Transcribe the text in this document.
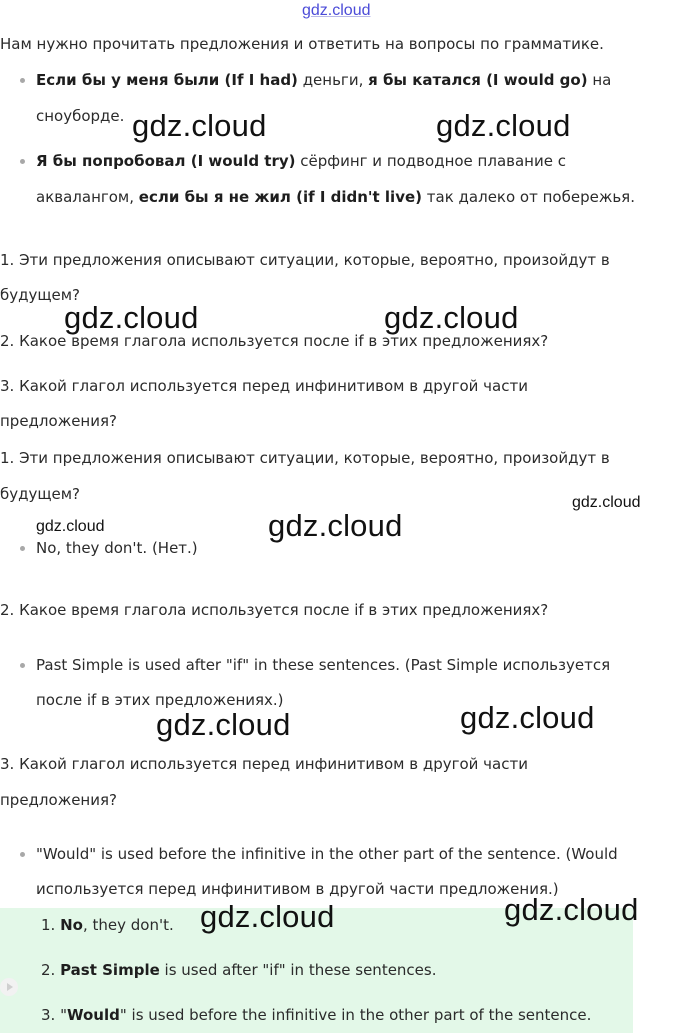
gdz.cloud
Нам нужно прочитать предложения и ответить на вопросы по грамматике.
Если бы у меня были (If I had) деньги, я бы катался (I would go) на
сноуборде.
Я бы попробовал (I would try) сёрфинг и подводное плавание с
аквалангом, если бы я не жил (if I didn't live) так далеко от побережья.
1. Эти предложения описывают ситуации, которые, вероятно, произойдут в
будущем?
2. Какое время глагола используется после if в этих предложениях?
3. Какой глагол используется перед инфинитивом в другой части
предложения?
1. Эти предложения описывают ситуации, которые, вероятно, произойдут в
будущем?
No, they don't. (Нет.)
2. Какое время глагола используется после if в этих предложениях?
Past Simple is used after "if" in these sentences. (Past Simple используется
после if в этих предложениях.)
3. Какой глагол используется перед инфинитивом в другой части
предложения?
"Would" is used before the infinitive in the other part of the sentence. (Would
используется перед инфинитивом в другой части предложения.)
1. No, they don't.
2. Past Simple is used after "if" in these sentences.
3. "Would" is used before the infinitive in the other part of the sentence.
gdz.cloud	gdz.cloud
gdz.cloud	gdz.cloud
gdz.cloud
gdz.cloud	gdz.cloud
gdz.cloud	gdz.cloud
gdz.cloud	gdz.cloud
